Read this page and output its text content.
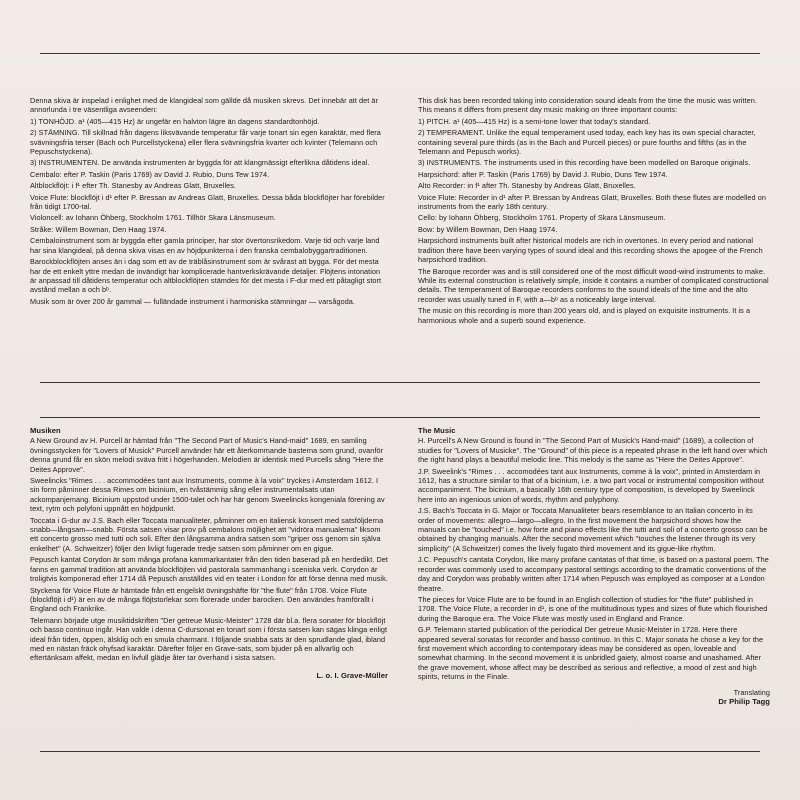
Denna skiva är inspelad i enlighet med de klangideal som gällde då musiken skrevs. Det innebär att det är annorlunda i tre väsentliga avseenden:

1) TONHÖJD. a¹ (405—415 Hz) är ungefär en halvton lägre än dagens standardtonhöjd.

2) STÄMNING. Till skillnad från dagens liksvävande temperatur får varje tonart sin egen karaktär, med flera svävningsfria terser (Bach och Purcellstyckena) eller flera svävningsfria kvarter och kvinter (Telemann och Pepuschstyckena).

3) INSTRUMENTEN. De använda instrumenten är byggda för att klangmässigt efterlikna dåtidens ideal.

Cembalo: efter P. Taskin (Paris 1769) av David J. Rubio, Duns Tew 1974.

Altblockflöjt: i f¹ efter Th. Stanesby av Andreas Glatt, Bruxelles.

Voice Flute: blockflöjt i d¹ efter P. Bressan av Andreas Glatt, Bruxelles. Dessa båda blockflöjter har förebilder från tidigt 1700-tal.

Violoncell: av Iohann Öhberg, Stockholm 1761. Tillhör Skara Länsmuseum.

Stråke: Willem Bowman, Den Haag 1974.

Cembaloinstrument som är byggda efter gamla principer, har stor övertonsrikedom. Varje tid och varje land har sina klangideal, på denna skiva visas en av höjdpunkterna i den franska cembalobyggartraditionen.

Barockblockflöjten anses än i dag som ett av de träblåsinstrument som är svårast att bygga. För det mesta har de ett enkelt yttre medan de invändigt har komplicerade hantverkskrävande detaljer. Flöjtens intonation är anpassad till dåtidens temperatur och altblockflöjten stämdes för det mesta i F-dur med ett påtagligt stort avstånd mellan a och bᵇ.

Musik som är över 200 år gammal — fulländade instrument i harmoniska stämningar — varsågoda.

This disk has been recorded taking into consideration sound ideals from the time the music was written. This means it differs from present day music making on three important counts:

1) PITCH. a¹ (405—415 Hz) is a semi-tone lower that today's standard.

2) TEMPERAMENT. Unlike the equal temperament used today, each key has its own special character, containing several pure thirds (as in the Bach and Purcell pieces) or pure fourths and fifths (as in the Telemann and Pepusch works).

3) INSTRUMENTS. The instruments used in this recording have been modelled on Baroque originals.

Harpsichord: after P. Taskin (Paris 1769) by David J. Rubio, Duns Tew 1974.

Alto Recorder: in f¹ after Th. Stanesby by Andreas Glatt, Bruxelles.

Voice Flute: Recorder in d¹ after P. Bressan by Andreas Glatt, Bruxelles. Both these flutes are modelled on instruments from the early 18th century.

Cello: by Iohann Öhberg, Stockholm 1761. Property of Skara Länsmuseum.

Bow: by Willem Bowman, Den Haag 1974.

Harpsichord instruments built after historical models are rich in overtones. In every period and national tradition there have been varying types of sound ideal and this recording shows the apogee of the French harpsichord tradition.

The Baroque recorder was and is still considered one of the most difficult wood-wind instruments to make. While its external construction is relatively simple, inside it contains a number of complicated constructional details. The temperament of Baroque recorders conforms to the sound ideals of the time and the alto recorder was usually tuned in F, with a—bᵇ as a noticeably large interval.

The music on this recording is more than 200 years old, and is played on exquisite instruments. It is a harmonious whole and a superb sound experience.

Musiken

A New Ground av H. Purcell är hämtad från "The Second Part of Music's Hand-maid" 1689, en samling övningsstycken för "Lovers of Musick" Purcell använder här ett återkommande basterna som grund, ovanför denna grund får en skön melodi sväva fritt i högerhanden. Melodien är identisk med Purcells sång "Here the Deites Approve".

Sweelincks "Rimes . . . accommodées tant aux Instruments, comme à la voix" tryckes i Amsterdam 1612. I sin form påminner dessa Rimes om bicinium, en tvåstämmig sång eller instrumentalsats utan ackompanjemang. Bicinium uppstod under 1500-talet och har här genom Sweelincks kongeniala förening av text, rytm och polyfoni uppnått en höjdpunkt.

Toccata i G-dur av J.S. Bach eller Toccata manualiteter, påminner om en italiensk konsert med satsföljderna snabb—långsam—snabb. Första satsen visar prov på cembalons möjlighet att "vidröra manualerna" liksom ett concerto grosso med tutti och soli. Efter den långsamma andra satsen som "griper oss genom sin själva enkelhet" (A. Schweitzer) följer den livligt fugerade tredje satsen som påminner om en gigue.

Pepusch kantat Corydon är som många profana kammarkantater från den tiden baserad på en herdedikt. Det fanns en gammal tradition att använda blockflöjten vid pastorala sammanhang i sceniska verk. Corydon är troligtvis komponerad efter 1714 då Pepusch anställdes vid en teater i London för att förse denna med musik.

Styckena för Voice Flute är hämtade från ett engelskt övningshäfte för "the flute" från 1708. Voice Flute (blockflöjt i d¹) är en av de många flöjtstorlekar som florerade under barocken. Den användes framförallt i England och Frankrike.

Telemann började utge musiktidskriften "Der getreue Music-Meister" 1728 där bl.a. flera sonater för blockflöjt och basso continuo ingår. Han valde i denna C-dursonat en tonart som i första satsen kan sägas klinga enligt ideal från tiden, öppen, älsklig och en smula charmant. I följande snabba sats är den sprudlande glad, ibland med en nästan fräck ohyfsad karaktär. Därefter följer en Grave-sats, som bjuder på en allvarlig och eftertänksam affekt, medan en livfull glädje åter tar överhand i sista satsen.

L. o. I. Grave-Müller
The Music

H. Purcell's A New Ground is found in "The Second Part of Musick's Hand-maid" (1689), a collection of studies for "Lovers of Musicke". The "Ground" of this piece is a repeated phrase in the left hand over which the right hand plays a beautiful melodic line. This melody is the same as "Here the Deites Approve".

J.P. Sweelink's "Rimes . . . accomodées tant aux Instruments, comme à la voix", printed in Amsterdam in 1612, has a structure similar to that of a bicinium, i.e. a two part vocal or instrumental composition without accompaniment. The bicinium, a basically 16th century type of composition, is developed by Sweelinck here into an ingenious union of words, rhythm and polyphony.

J.S. Bach's Toccata in G. Major or Toccata Manualiteter bears resemblance to an Italian concerto in its order of movements: allegro—largo—allegro. In the first movement the harpsichord shows how the manuals can be "touched" i.e. how forte and piano effects like the tutti and soli of a concerto grosso can be obtained by changing manuals. After the second movement which "touches the listener through its very simplicity" (A Schweitzer) comes the lively fugato third movement and its gigue-like rhythm.

J.C. Pepusch's cantata Corydon, like many profane cantatas of that time, is based on a pastoral poem. The recorder was commonly used to accompany pastoral settings according to the dramatic conventions of the day and Corydon was probably written after 1714 when Pepusch was employed as composer at a London theatre.

The pieces for Voice Flute are to be found in an English collection of studies for "the flute" published in 1708. The Voice Flute, a recorder in d¹, is one of the multitudinous types and sizes of flute which flourished during the Baroque era. The Voice Flute was mostly used in England and France.

G.P. Telemann started publication of the periodical Der getreue Music-Meister in 1728. Here there appeared several sonatas for recorder and basso continuo. In this C. Major sonata he chose a key for the first movement which according to contemporary ideas may be considered as open, loveable and somewhat charming. In the second movement it is unbridled gaiety, almost coarse and unashamed. After the grave movement, whose affect may be described as serious and reflective, a mood of zest and high spirits, returns in the Finale.

Translating
Dr Philip Tagg
